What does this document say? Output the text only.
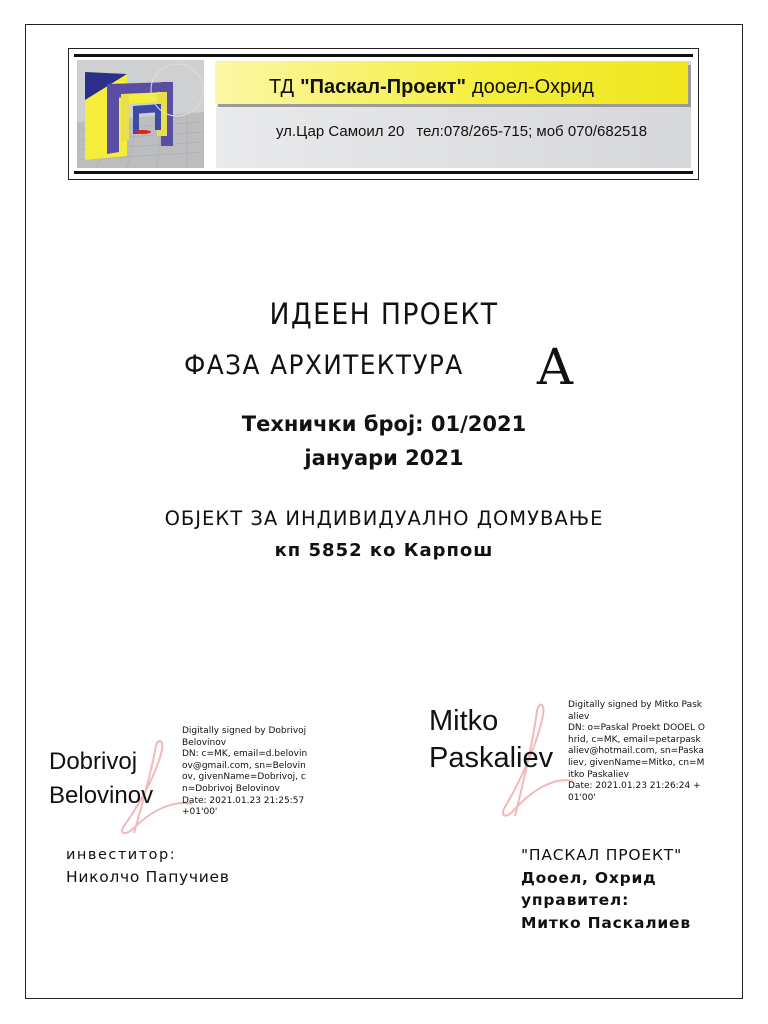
ТД "Паскал-Проект" дооел-Охрид
ул.Цар Самоил 20 тел:078/265-715; моб 070/682518
ИДЕЕН ПРОЕКТ
ФАЗА АРХИТЕКТУРА А
Технички број: 01/2021
јануари 2021
ОБЈЕКТ ЗА ИНДИВИДУАЛНО ДОМУВАЊЕ
кп 5852 ко Карпош
Dobrivoj Belovinov
Digitally signed by Dobrivoj Belovinov
DN: c=MK, email=d.belovinov@gmail.com, sn=Belovinov, givenName=Dobrivoj, cn=Dobrivoj Belovinov
Date: 2021.01.23 21:25:57 +01'00'
Mitko Paskaliev
Digitally signed by Mitko Paskaliev
DN: o=Paskal Proekt DOOEL Ohrid, c=MK, email=petarpaskaliev@hotmail.com, sn=Paskaliev, givenName=Mitko, cn=Mitko Paskaliev
Date: 2021.01.23 21:26:24 +01'00'
инвеститор:
Николчо Папучиев
"ПАСКАЛ ПРОЕКТ"
Дооел, Охрид
управител:
Митко Паскалиев
